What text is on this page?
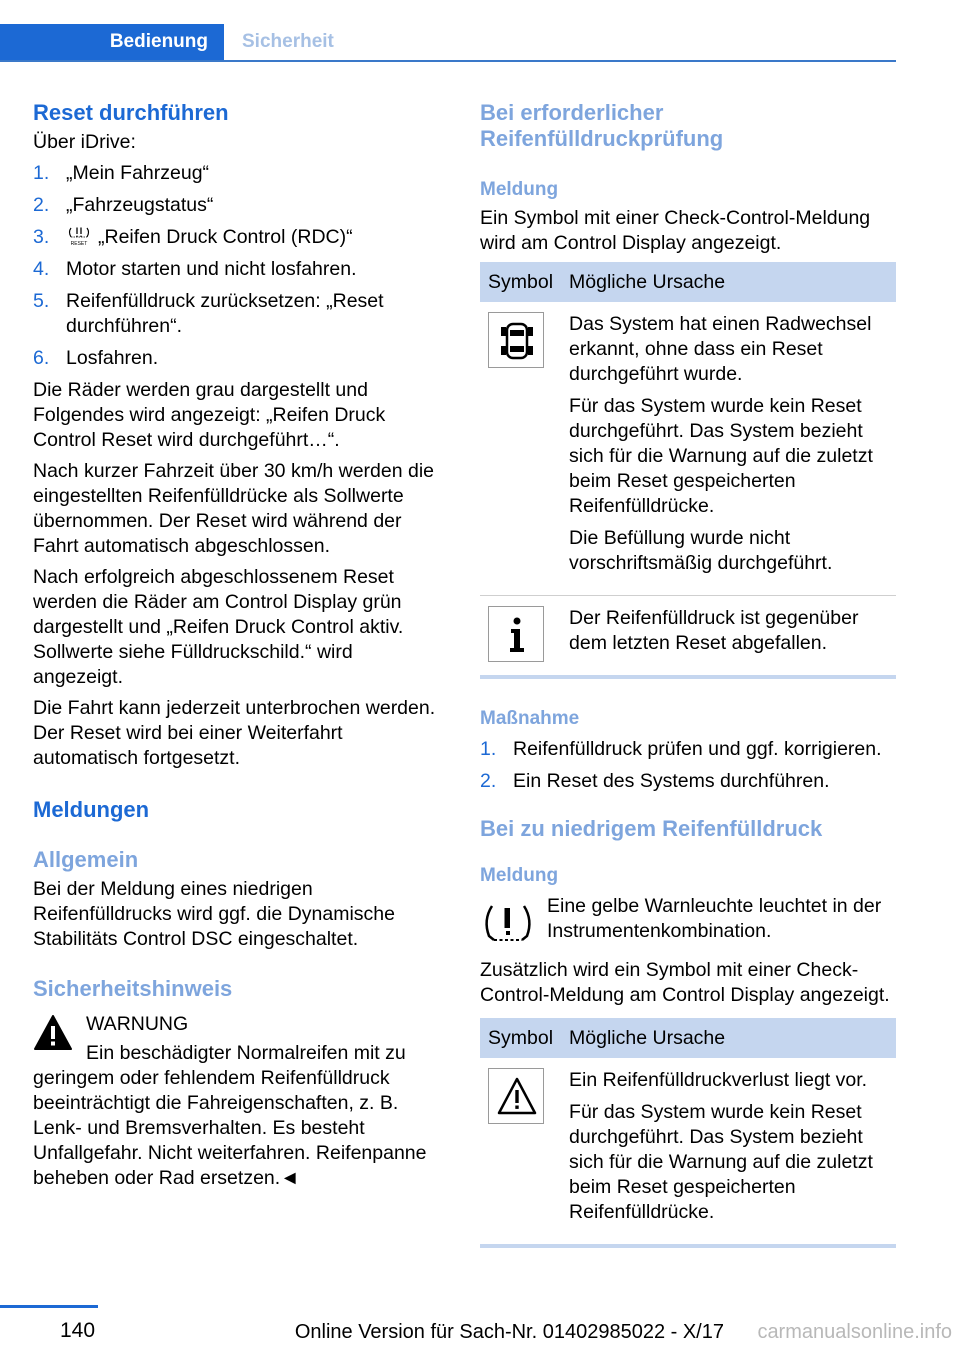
Bedienung	Sicherheit
Reset durchführen

Über iDrive:

1. „Mein Fahrzeug“
2. „Fahrzeugstatus“
3.	RESET „Reifen Druck Control (RDC)“
4. Motor starten und nicht losfahren.
5. Reifenfülldruck zurücksetzen: „Reset durchführen“.
6. Losfahren.

Die Räder werden grau dargestellt und Folgendes wird angezeigt: „Reifen Druck Control Reset wird durchgeführt…“.

Nach kurzer Fahrzeit über 30 km/h werden die eingestellten Reifenfülldrücke als Sollwerte übernommen. Der Reset wird während der Fahrt automatisch abgeschlossen.

Nach erfolgreich abgeschlossenem Reset werden die Räder am Control Display grün dargestellt und „Reifen Druck Control aktiv. Sollwerte siehe Fülldruckschild.“ wird angezeigt.

Die Fahrt kann jederzeit unterbrochen werden. Der Reset wird bei einer Weiterfahrt automatisch fortgesetzt.

Meldungen
Allgemein

Bei der Meldung eines niedrigen Reifenfülldrucks wird ggf. die Dynamische Stabilitäts Control DSC eingeschaltet.

Sicherheitshinweis

WARNUNG

Ein beschädigter Normalreifen mit zu geringem oder fehlendem Reifenfülldruck beeinträchtigt die Fahreigenschaften, z. B. Lenk- und Bremsverhalten. Es besteht Unfallgefahr. Nicht weiterfahren. Reifenpanne beheben oder Rad ersetzen.◄

Bei erforderlicher Reifenfülldruckprüfung
Meldung

Ein Symbol mit einer Check-Control-Meldung wird am Control Display angezeigt.

Symbol	Mögliche Ursache

Das System hat einen Radwechsel erkannt, ohne dass ein Reset durchgeführt wurde.

Für das System wurde kein Reset durchgeführt. Das System bezieht sich für die Warnung auf die zuletzt beim Reset gespeicherten Reifenfülldrücke.

Die Befüllung wurde nicht vorschriftsmäßig durchgeführt.

Der Reifenfülldruck ist gegenüber dem letzten Reset abgefallen.

Maßnahme
1. Reifenfülldruck prüfen und ggf. korrigieren.
2. Ein Reset des Systems durchführen.
Bei zu niedrigem Reifenfülldruck
Meldung

Eine gelbe Warnleuchte leuchtet in der Instrumentenkombination.

Zusätzlich wird ein Symbol mit einer Check-Control-Meldung am Control Display angezeigt.

Symbol	Mögliche Ursache

Ein Reifenfülldruckverlust liegt vor.

Für das System wurde kein Reset durchgeführt. Das System bezieht sich für die Warnung auf die zuletzt beim Reset gespeicherten Reifenfülldrücke.

140	Online Version für Sach-Nr. 01402985022 - X/17 carmanualsonline.info
